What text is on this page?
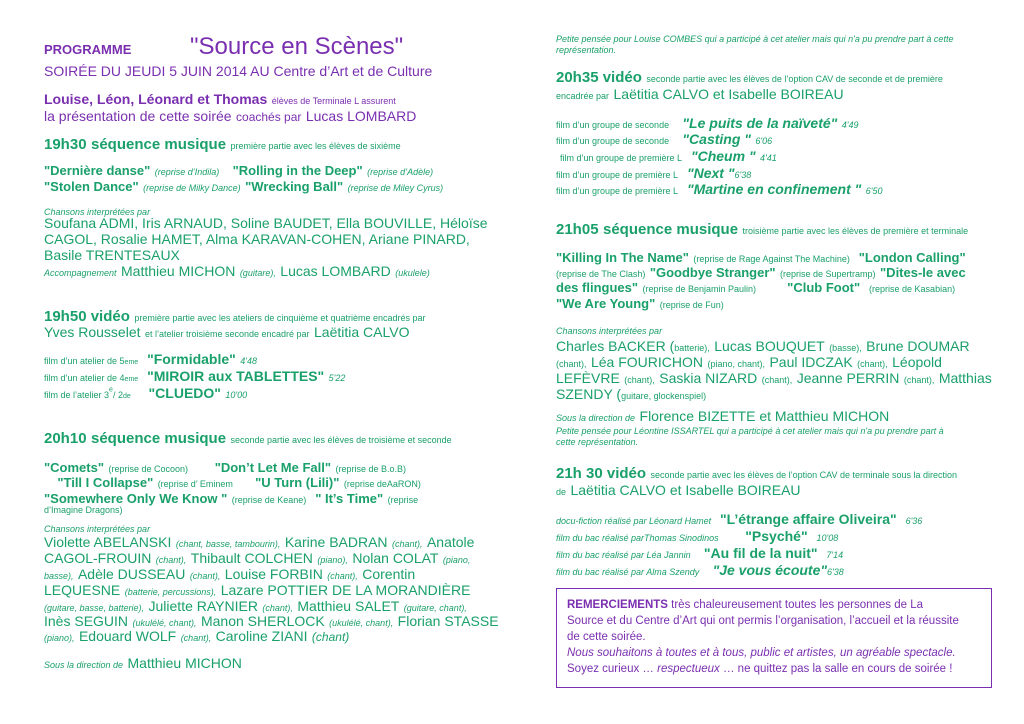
PROGRAMME "Source en Scènes"
SOIRÉE DU JEUDI 5 JUIN 2014 AU Centre d’Art et de Culture
Louise, Léon, Léonard et Thomas élèves de Terminale L assurent
la présentation de cette soirée coachés par Lucas LOMBARD
19h30 séquence musique première partie avec les élèves de sixième
"Dernière danse" (reprise d’Indila) "Rolling in the Deep" (reprise d’Adèle)
"Stolen Dance" (reprise de Milky Dance) "Wrecking Ball" (reprise de Miley Cyrus)
Chansons interprétées par
Soufana ADMI, Iris ARNAUD, Soline BAUDET, Ella BOUVILLE, Héloïse
CAGOL, Rosalie HAMET, Alma KARAVAN-COHEN, Ariane PINARD,
Basile TRENTESAUX
Accompagnement Matthieu MICHON (guitare), Lucas LOMBARD (ukulele)
19h50 vidéo première partie avec les ateliers de cinquième et quatrième encadrés par
Yves Rousselet et l’atelier troisième seconde encadré par Laëtitia CALVO
film d’un atelier de 5eme "Formidable" 4'48
film d’un atelier de 4eme "MIROIR aux TABLETTES" 5'22
film de l’atelier 3e/ 2de "CLUEDO" 10'00
20h10 séquence musique seconde partie avec les élèves de troisième et seconde
"Comets" (reprise de Cocoon) "Don’t Let Me Fall" (reprise de B.o.B)
"Till I Collapse" (reprise d’ Eminem "U Turn (Lili)" (reprise deAaRON)
"Somewhere Only We Know " (reprise de Keane) " It’s Time" (reprise
d’Imagine Dragons)
Chansons interprétées par
Violette ABELANSKI (chant, basse, tambourin), Karine BADRAN (chant), Anatole
CAGOL-FROUIN (chant), Thibault COLCHEN (piano), Nolan COLAT (piano,
basse), Adèle DUSSEAU (chant), Louise FORBIN (chant), Corentin
LEQUESNE (batterie, percussions), Lazare POTTIER DE LA MORANDIÈRE
(guitare, basse, batterie), Juliette RAYNIER (chant), Matthieu SALET (guitare, chant),
Inès SEGUIN (ukulélé, chant), Manon SHERLOCK (ukulélé, chant), Florian STASSE
(piano), Edouard WOLF (chant), Caroline ZIANI (chant)
Sous la direction de Matthieu MICHON
Petite pensée pour Louise COMBES qui a participé à cet atelier mais qui n'a pu prendre part à cette
représentation.
20h35 vidéo seconde partie avec les élèves de l’option CAV de seconde et de première
encadrée par Laëtitia CALVO et Isabelle BOIREAU
film d’un groupe de seconde "Le puits de la naïveté" 4'49
film d’un groupe de seconde "Casting " 6'06
film d’un groupe de première L "Cheum " 4'41
film d’un groupe de première L "Next "6'38
film d’un groupe de première L "Martine en confinement " 6'50
21h05 séquence musique troisième partie avec les élèves de première et terminale
"Killing In The Name" (reprise de Rage Against The Machine) "London Calling"
(reprise de The Clash) "Goodbye Stranger" (reprise de Supertramp) "Dites-le avec
des flingues" (reprise de Benjamin Paulin) "Club Foot" (reprise de Kasabian)
"We Are Young" (reprise de Fun)
Chansons interprétées par
Charles BACKER (batterie), Lucas BOUQUET (basse), Brune DOUMAR
(chant), Léa FOURICHON (piano, chant), Paul IDCZAK (chant), Léopold
LEFÈVRE (chant), Saskia NIZARD (chant), Jeanne PERRIN (chant), Matthias
SZENDY (guitare, glockenspiel)
Sous la direction de Florence BIZETTE et Matthieu MICHON
Petite pensée pour Léontine ISSARTEL qui a participé à cet atelier mais qui n'a pu prendre part à
cette représentation.
21h 30 vidéo seconde partie avec les élèves de l’option CAV de terminale sous la direction
de Laëtitia CALVO et Isabelle BOIREAU
docu-fiction réalisé par Léonard Hamet "L’étrange affaire Oliveira" 6'36
film du bac réalisé parThomas Sinodinos "Psyché" 10'08
film du bac réalisé par Léa Jannin "Au fil de la nuit" 7'14
film du bac réalisé par Alma Szendy "Je vous écoute"6'38
REMERCIEMENTS très chaleureusement toutes les personnes de La
Source et du Centre d’Art qui ont permis l’organisation, l’accueil et la réussite
de cette soirée.
Nous souhaitons à toutes et à tous, public et artistes, un agréable spectacle.
Soyez curieux … respectueux … ne quittez pas la salle en cours de soirée !
